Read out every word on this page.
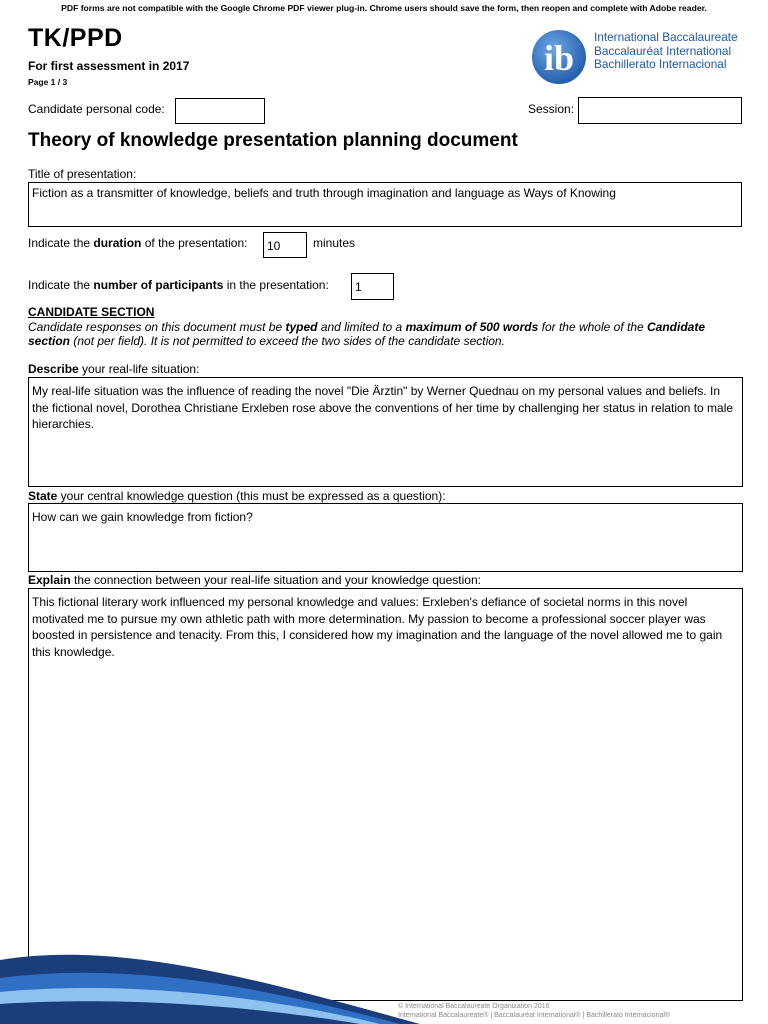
PDF forms are not compatible with the Google Chrome PDF viewer plug-in. Chrome users should save the form, then reopen and complete with Adobe reader.
TK/PPD
For first assessment in 2017
Page 1 / 3
ib
International Baccalaureate
Baccalauréat International
Bachillerato Internacional
Candidate personal code:	Session:
Theory of knowledge presentation planning document
Title of presentation:
Fiction as a transmitter of knowledge, beliefs and truth through imagination and language as Ways of Knowing
Indicate the duration of the presentation:	10	minutes
Indicate the number of participants in the presentation:	1
CANDIDATE SECTION
Candidate responses on this document must be typed and limited to a maximum of 500 words for the whole of the Candidate section (not per field). It is not permitted to exceed the two sides of the candidate section.
Describe your real-life situation:
My real-life situation was the influence of reading the novel "Die Ärztin" by Werner Quednau on my personal values and beliefs. In the fictional novel, Dorothea Christiane Erxleben rose above the conventions of her time by challenging her status in relation to male hierarchies.
State your central knowledge question (this must be expressed as a question):
How can we gain knowledge from fiction?
Explain the connection between your real-life situation and your knowledge question:
This fictional literary work influenced my personal knowledge and values: Erxleben's defiance of societal norms in this novel motivated me to pursue my own athletic path with more determination. My passion to become a professional soccer player was boosted in persistence and tenacity. From this, I considered how my imagination and the language of the novel allowed me to gain this knowledge.
© International Baccalaureate Organization 2016
International Baccalaureate® | Baccalauréat International® | Bachillerato Internacional®
